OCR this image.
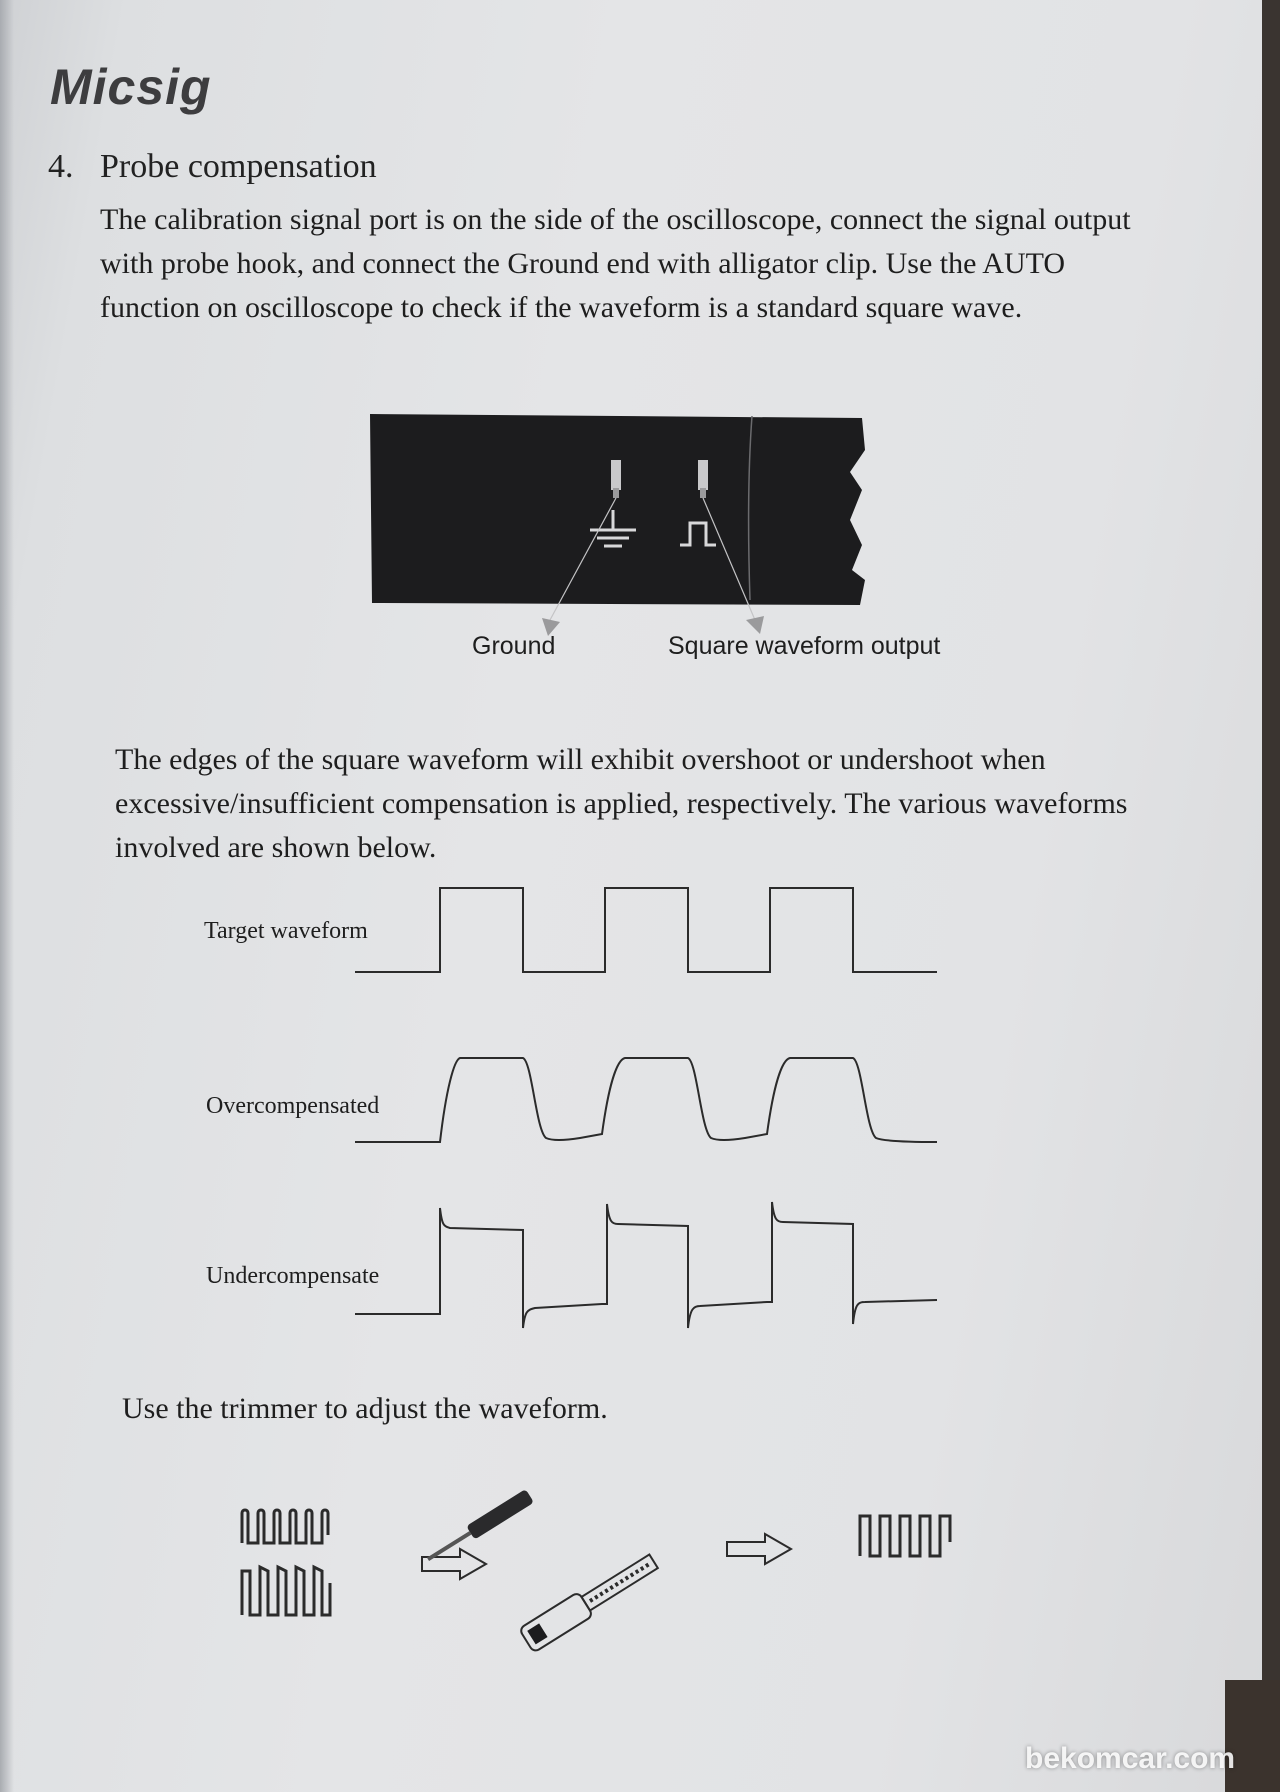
Micsig
4. Probe compensation

The calibration signal port is on the side of the oscilloscope, connect the signal output with probe hook, and connect the Ground end with alligator clip. Use the AUTO function on oscilloscope to check if the waveform is a standard square wave.

Ground	Square waveform output

The edges of the square waveform will exhibit overshoot or undershoot when excessive/insufficient compensation is applied, respectively. The various waveforms involved are shown below.

Target waveform
Overcompensated
Undercompensate

Use the trimmer to adjust the waveform.

bekomcar.com
